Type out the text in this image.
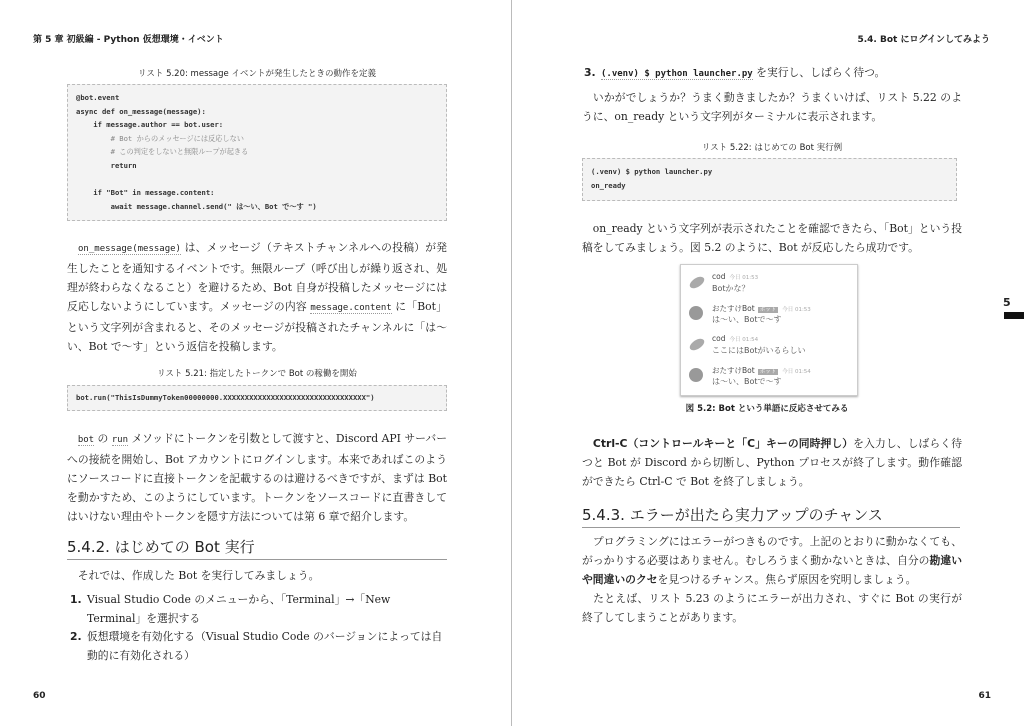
第 5 章 初級編 - Python 仮想環境・イベント
リスト 5.20: message イベントが発生したときの動作を定義
@bot.event
async def on_message(message):
if message.author == bot.user:
# Bot からのメッセージには反応しない
# この判定をしないと無限ループが起きる
return
if "Bot" in message.content:
await message.channel.send(" は〜い、Bot で〜す ")
　on_message(message) は、メッセージ（テキストチャンネルへの投稿）が発生したことを通知するイベントです。無限ループ（呼び出しが繰り返され、処理が終わらなくなること）を避けるため、Bot 自身が投稿したメッセージには反応しないようにしています。メッセージの内容 message.content に「Bot」という文字列が含まれると、そのメッセージが投稿されたチャンネルに「は〜い、Bot で〜す」という返信を投稿します。
リスト 5.21: 指定したトークンで Bot の稼働を開始
bot.run("ThisIsDummyToken00000000.XXXXXXXXXXXXXXXXXXXXXXXXXXXXXXXXX")
　bot の run メソッドにトークンを引数として渡すと、Discord API サーバーへの接続を開始し、Bot アカウントにログインします。本来であればこのようにソースコードに直接トークンを記載するのは避けるべきですが、まずは Bot を動かすため、このようにしています。トークンをソースコードに直書きしてはいけない理由やトークンを隠す方法については第 6 章で紹介します。
5.4.2. はじめての Bot 実行
　それでは、作成した Bot を実行してみましょう。
1. Visual Studio Code のメニューから、「Terminal」→「New Terminal」を選択する
2. 仮想環境を有効化する（Visual Studio Code のバージョンによっては自動的に有効化される）
60
5.4. Bot にログインしてみよう
3. (.venv) $ python launcher.py を実行し、しばらく待つ。
　いかがでしょうか？うまく動きましたか？うまくいけば、リスト 5.22 のように、on_ready という文字列がターミナルに表示されます。
リスト 5.22: はじめての Bot 実行例
(.venv) $ python launcher.py
on_ready
　on_ready という文字列が表示されたことを確認できたら、「Bot」という投稿をしてみましょう。図 5.2 のように、Bot が反応したら成功です。
cod 今日 01:53
Botかな？
おたすけBot ボット 今日 01:53
は〜い、Botで〜す
cod 今日 01:54
ここにはBotがいるらしい
おたすけBot ボット 今日 01:54
は〜い、Botで〜す
図 5.2: Bot という単語に反応させてみる
　Ctrl-C（コントロールキーと「C」キーの同時押し）を入力し、しばらく待つと Bot が Discord から切断し、Python プロセスが終了します。動作確認ができたら Ctrl-C で Bot を終了しましょう。
5.4.3. エラーが出たら実力アップのチャンス
　プログラミングにはエラーがつきものです。上記のとおりに動かなくても、がっかりする必要はありません。むしろうまく動かないときは、自分の勘違いや間違いのクセを見つけるチャンス。焦らず原因を究明しましょう。
　たとえば、リスト 5.23 のようにエラーが出力され、すぐに Bot の実行が終了してしまうことがあります。
61
5
